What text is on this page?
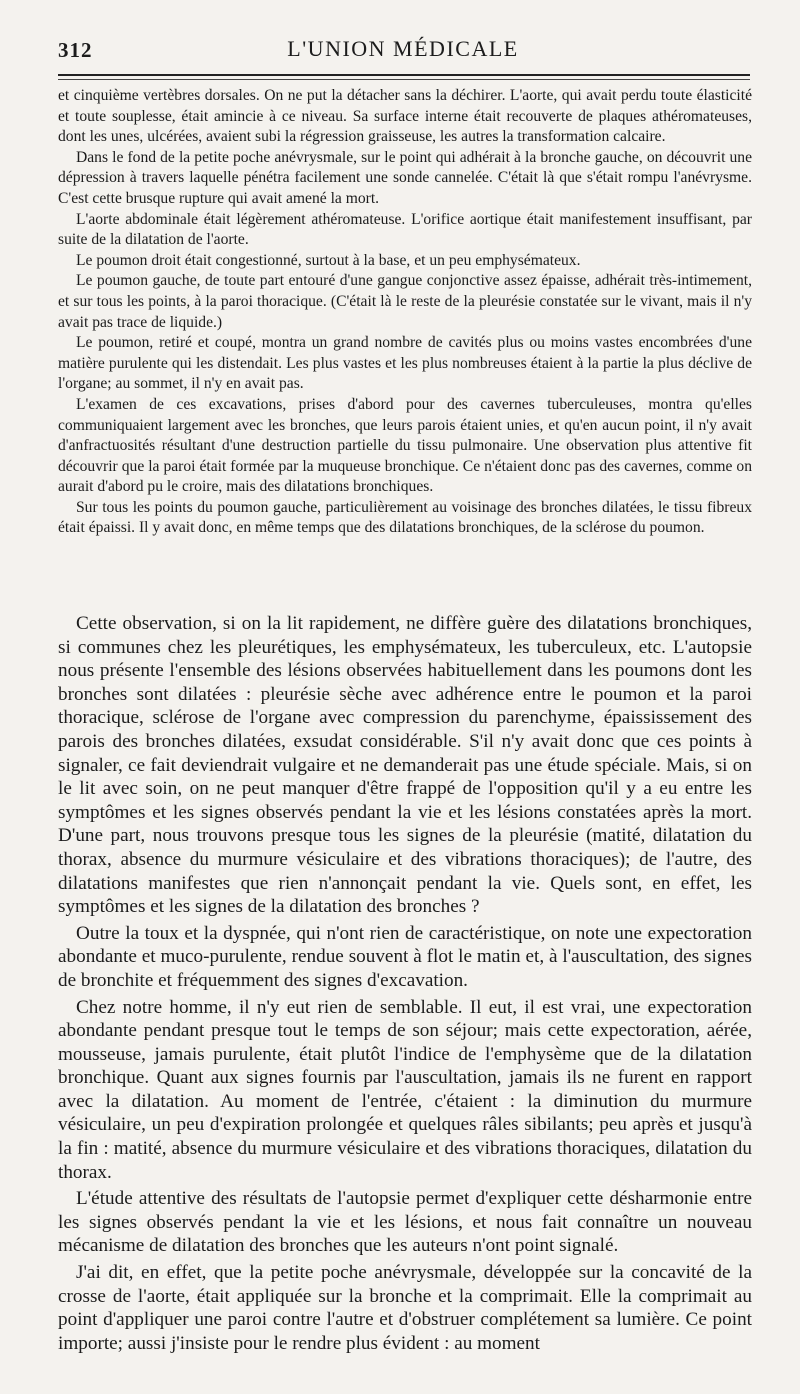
312	L'UNION MÉDICALE

et cinquième vertèbres dorsales. On ne put la détacher sans la déchirer. L'aorte, qui avait perdu toute élasticité et toute souplesse, était amincie à ce niveau. Sa surface interne était recouverte de plaques athéromateuses, dont les unes, ulcérées, avaient subi la régression graisseuse, les autres la transformation calcaire.

Dans le fond de la petite poche anévrysmale, sur le point qui adhérait à la bronche gauche, on découvrit une dépression à travers laquelle pénétra facilement une sonde cannelée. C'était là que s'était rompu l'anévrysme. C'est cette brusque rupture qui avait amené la mort.

L'aorte abdominale était légèrement athéromateuse. L'orifice aortique était manifestement insuffisant, par suite de la dilatation de l'aorte.

Le poumon droit était congestionné, surtout à la base, et un peu emphysémateux.

Le poumon gauche, de toute part entouré d'une gangue conjonctive assez épaisse, adhérait très-intimement, et sur tous les points, à la paroi thoracique. (C'était là le reste de la pleurésie constatée sur le vivant, mais il n'y avait pas trace de liquide.)

Le poumon, retiré et coupé, montra un grand nombre de cavités plus ou moins vastes encombrées d'une matière purulente qui les distendait. Les plus vastes et les plus nombreuses étaient à la partie la plus déclive de l'organe; au sommet, il n'y en avait pas.

L'examen de ces excavations, prises d'abord pour des cavernes tuberculeuses, montra qu'elles communiquaient largement avec les bronches, que leurs parois étaient unies, et qu'en aucun point, il n'y avait d'anfractuosités résultant d'une destruction partielle du tissu pulmonaire. Une observation plus attentive fit découvrir que la paroi était formée par la muqueuse bronchique. Ce n'étaient donc pas des cavernes, comme on aurait d'abord pu le croire, mais des dilatations bronchiques.

Sur tous les points du poumon gauche, particulièrement au voisinage des bronches dilatées, le tissu fibreux était épaissi. Il y avait donc, en même temps que des dilatations bronchiques, de la sclérose du poumon.

Cette observation, si on la lit rapidement, ne diffère guère des dilatations bronchiques, si communes chez les pleurétiques, les emphysémateux, les tuberculeux, etc. L'autopsie nous présente l'ensemble des lésions observées habituellement dans les poumons dont les bronches sont dilatées : pleurésie sèche avec adhérence entre le poumon et la paroi thoracique, sclérose de l'organe avec compression du parenchyme, épaississement des parois des bronches dilatées, exsudat considérable. S'il n'y avait donc que ces points à signaler, ce fait deviendrait vulgaire et ne demanderait pas une étude spéciale. Mais, si on le lit avec soin, on ne peut manquer d'être frappé de l'opposition qu'il y a eu entre les symptômes et les signes observés pendant la vie et les lésions constatées après la mort. D'une part, nous trouvons presque tous les signes de la pleurésie (matité, dilatation du thorax, absence du murmure vésiculaire et des vibrations thoraciques); de l'autre, des dilatations manifestes que rien n'annonçait pendant la vie. Quels sont, en effet, les symptômes et les signes de la dilatation des bronches ?

Outre la toux et la dyspnée, qui n'ont rien de caractéristique, on note une expectoration abondante et muco-purulente, rendue souvent à flot le matin et, à l'auscultation, des signes de bronchite et fréquemment des signes d'excavation.

Chez notre homme, il n'y eut rien de semblable. Il eut, il est vrai, une expectoration abondante pendant presque tout le temps de son séjour; mais cette expectoration, aérée, mousseuse, jamais purulente, était plutôt l'indice de l'emphysème que de la dilatation bronchique. Quant aux signes fournis par l'auscultation, jamais ils ne furent en rapport avec la dilatation. Au moment de l'entrée, c'étaient : la diminution du murmure vésiculaire, un peu d'expiration prolongée et quelques râles sibilants; peu après et jusqu'à la fin : matité, absence du murmure vésiculaire et des vibrations thoraciques, dilatation du thorax.

L'étude attentive des résultats de l'autopsie permet d'expliquer cette désharmonie entre les signes observés pendant la vie et les lésions, et nous fait connaître un nouveau mécanisme de dilatation des bronches que les auteurs n'ont point signalé.

J'ai dit, en effet, que la petite poche anévrysmale, développée sur la concavité de la crosse de l'aorte, était appliquée sur la bronche et la comprimait. Elle la comprimait au point d'appliquer une paroi contre l'autre et d'obstruer complétement sa lumière. Ce point importe; aussi j'insiste pour le rendre plus évident : au moment
